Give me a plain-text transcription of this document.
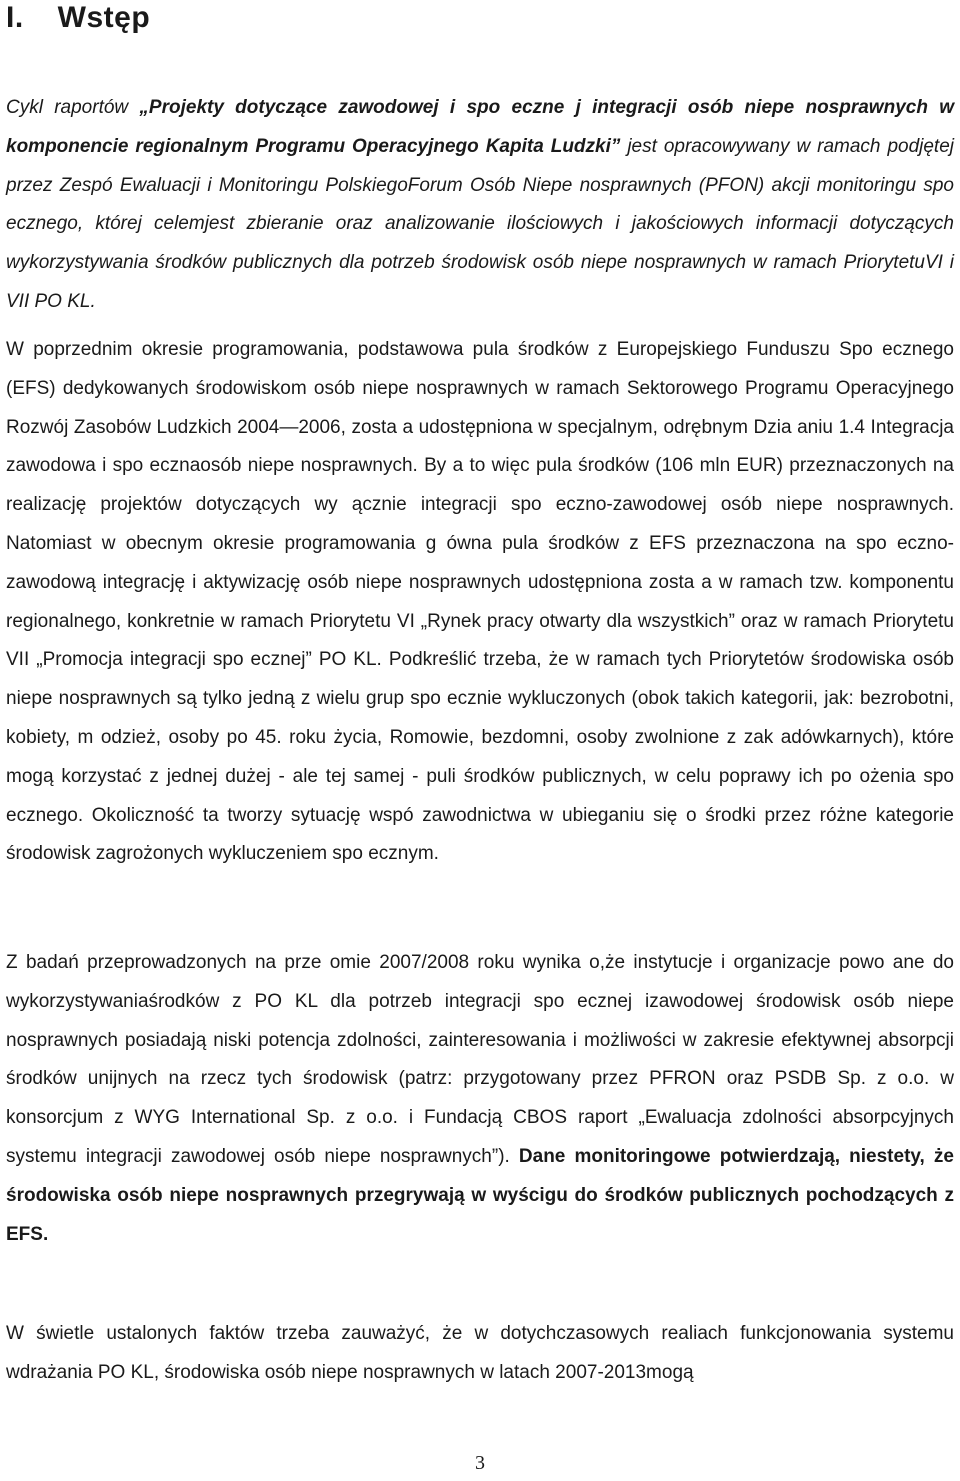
I. Wstęp

Cykl raportów „Projekty dotyczące zawodowej i spo eczne j integracji osób niepe nosprawnych w komponencie regionalnym Programu Operacyjnego Kapita Ludzki” jest opracowywany w ramach podjętej przez Zespó Ewaluacji i Monitoringu PolskiegoForum Osób Niepe nosprawnych (PFON) akcji monitoringu spo ecznego, której celemjest zbieranie oraz analizowanie ilościowych i jakościowych informacji dotyczących wykorzystywania środków publicznych dla potrzeb środowisk osób niepe nosprawnych w ramach PriorytetuVI i VII PO KL.

W poprzednim okresie programowania, podstawowa pula środków z Europejskiego Funduszu Spo ecznego (EFS) dedykowanych środowiskom osób niepe nosprawnych w ramach Sektorowego Programu Operacyjnego Rozwój Zasobów Ludzkich 2004—2006, zosta a udostępniona w specjalnym, odrębnym Dzia aniu 1.4 Integracja zawodowa i spo ecznaosób niepe nosprawnych. By a to więc pula środków (106 mln EUR) przeznaczonych na realizację projektów dotyczących wy ącznie integracji spo eczno-zawodowej osób niepe nosprawnych. Natomiast w obecnym okresie programowania g ówna pula środków z EFS przeznaczona na spo eczno-zawodową integrację i aktywizację osób niepe nosprawnych udostępniona zosta a w ramach tzw. komponentu regionalnego, konkretnie w ramach Priorytetu VI „Rynek pracy otwarty dla wszystkich” oraz w ramach Priorytetu VII „Promocja integracji spo ecznej” PO KL. Podkreślić trzeba, że w ramach tych Priorytetów środowiska osób niepe nosprawnych są tylko jedną z wielu grup spo ecznie wykluczonych (obok takich kategorii, jak: bezrobotni, kobiety, m odzież, osoby po 45. roku życia, Romowie, bezdomni, osoby zwolnione z zak adówkarnych), które mogą korzystać z jednej dużej - ale tej samej - puli środków publicznych, w celu poprawy ich po ożenia spo ecznego. Okoliczność ta tworzy sytuację wspó zawodnictwa w ubieganiu się o środki przez różne kategorie środowisk zagrożonych wykluczeniem spo ecznym.

Z badań przeprowadzonych na prze omie 2007/2008 roku wynika o,że instytucje i organizacje powo ane do wykorzystywaniaśrodków z PO KL dla potrzeb integracji spo ecznej izawodowej środowisk osób niepe nosprawnych posiadają niski potencja zdolności, zainteresowania i możliwości w zakresie efektywnej absorpcji środków unijnych na rzecz tych środowisk (patrz: przygotowany przez PFRON oraz PSDB Sp. z o.o. w konsorcjum z WYG International Sp. z o.o. i Fundacją CBOS raport „Ewaluacja zdolności absorpcyjnych systemu integracji zawodowej osób niepe nosprawnych”). Dane monitoringowe potwierdzają, niestety, że środowiska osób niepe nosprawnych przegrywają w wyścigu do środków publicznych pochodzących z EFS.

W świetle ustalonych faktów trzeba zauważyć, że w dotychczasowych realiach funkcjonowania systemu wdrażania PO KL, środowiska osób niepe nosprawnych w latach 2007-2013mogą

3
